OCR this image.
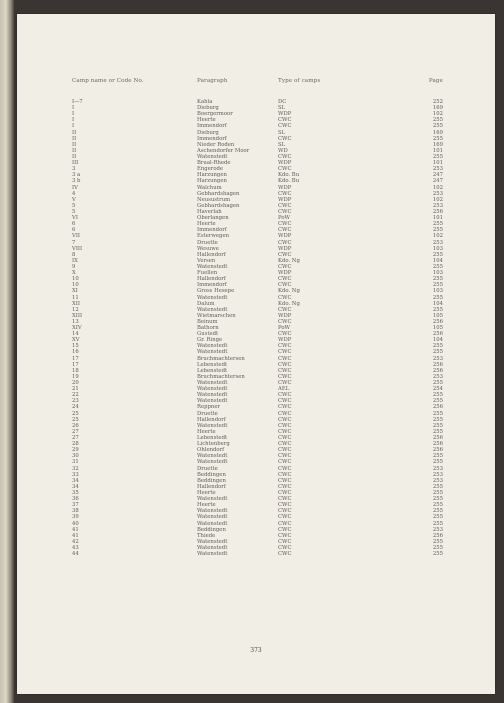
Camp name or Code No.	Paragraph	Type of camps	Page
I—7	Kahla	DC	252
I	Dieburg	SL	169
I	Boergermoor	WDP	102
I	Heerte	CWC	255
I	Immendorf	CWC	255
II	Dieburg	SL	169
II	Immendorf	CWC	255
II	Nieder Roden	SL	169
II	Aschendorfer Moor	WD	101
II	Watenstedt	CWC	255
III	Brual-Rhede	WDP	101
3	Engerode	CWC	253
3 a	Harzungen	Kdo. Bu	247
3 b	Harzungen	Kdo. Bu	247
IV	Walchum	WDP	102
4	Gebhardshagen	CWC	253
V	Neusustrum	WDP	102
5	Gebhardshagen	CWC	253
5	Haverlah	CWC	256
VI	Oberlangen	PoW	101
6	Heerte	CWC	255
6	Immendorf	CWC	255
VII	Esterwegen	WDP	102
7	Druette	CWC	253
VIII	Wesuwe	WDP	103
8	Hallendorf	CWC	255
IX	Versen	Kdo. Ng	104
9	Watenstedt	CWC	255
X	Fuellen	WDP	103
10	Hallendorf	CWC	255
10	Immendorf	CWC	255
XI	Gross Hesepe	Kdo. Ng	103
11	Watenstedt	CWC	255
XII	Dalum	Kdo. Ng	104
12	Watenstedt	CWC	255
XIII	Wietmarschen	WDP	105
13	Beinum	CWC	256
XIV	Bathorn	PoW	105
14	Gustedt	CWC	256
XV	Gr. Ringe	WDP	104
15	Watenstedt	CWC	255
16	Watenstedt	CWC	255
17	Bruchmachtersen	CWC	253
17	Lebenstedt	CWC	256
18	Lebenstedt	CWC	256
19	Bruchmachtersen	CWC	253
20	Watenstedt	CWC	255
21	Watenstedt	AEL	254
22	Watenstedt	CWC	255
23	Watenstedt	CWC	255
24	Reppner	CWC	256
25	Druette	CWC	255
25	Hallendorf	CWC	255
26	Watenstedt	CWC	255
27	Heerte	CWC	255
27	Lebenstedt	CWC	256
28	Lichtenberg	CWC	256
29	Ohlendorf	CWC	256
30	Watenstedt	CWC	255
31	Watenstedt	CWC	255
32	Druette	CWC	253
33	Beddingen	CWC	253
34	Beddingen	CWC	253
34	Hallendorf	CWC	255
35	Heerte	CWC	255
36	Watenstedt	CWC	255
37	Heerte	CWC	255
38	Watenstedt	CWC	255
39	Watenstedt	CWC	255
40	Watenstedt	CWC	255
41	Beddingen	CWC	253
41	Thiede	CWC	256
42	Watenstedt	CWC	255
43	Watenstedt	CWC	255
44	Watenstedt	CWC	255
373
